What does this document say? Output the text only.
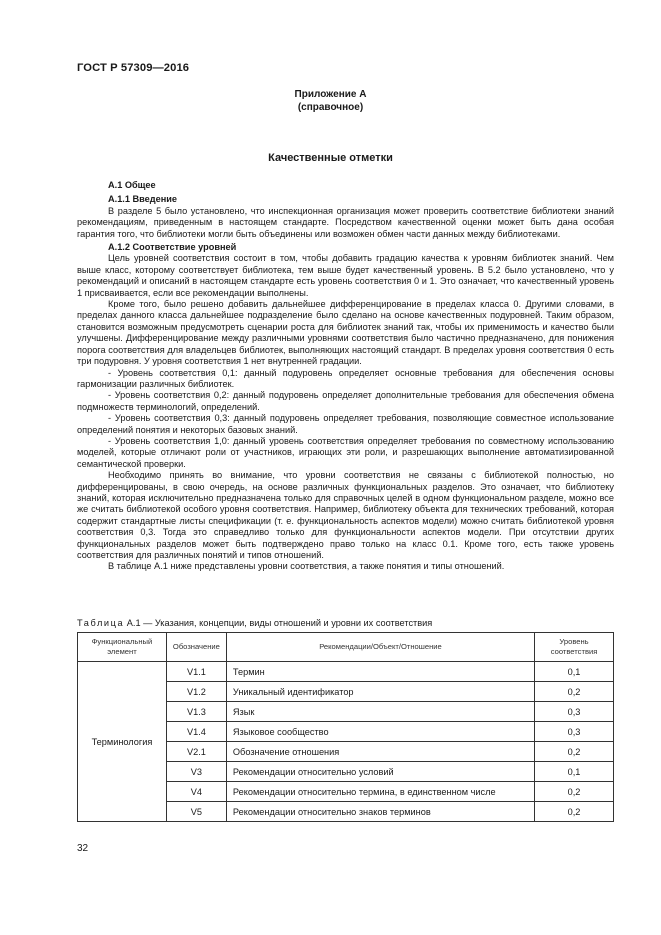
ГОСТ Р 57309—2016
Приложение А
(справочное)
Качественные отметки
А.1 Общее
А.1.1 Введение
В разделе 5 было установлено, что инспекционная организация может проверить соответствие библиотеки знаний рекомендациям, приведенным в настоящем стандарте. Посредством качественной оценки может быть дана особая гарантия того, что библиотеки могли быть объединены или возможен обмен части данных между библиотеками.
А.1.2 Соответствие уровней
Цель уровней соответствия состоит в том, чтобы добавить градацию качества к уровням библиотек знаний. Чем выше класс, которому соответствует библиотека, тем выше будет качественный уровень. В 5.2 было установлено, что у рекомендаций и описаний в настоящем стандарте есть уровень соответствия 0 и 1. Это означает, что качественный уровень 1 присваивается, если все рекомендации выполнены.
Кроме того, было решено добавить дальнейшее дифференцирование в пределах класса 0. Другими словами, в пределах данного класса дальнейшее подразделение было сделано на основе качественных подуровней. Таким образом, становится возможным предусмотреть сценарии роста для библиотек знаний так, чтобы их применимость и качество были улучшены. Дифференцирование между различными уровнями соответствия было частично предназначено, для понижения порога соответствия для владельцев библиотек, выполняющих настоящий стандарт. В пределах уровня соответствия 0 есть три подуровня. У уровня соответствия 1 нет внутренней градации.
- Уровень соответствия 0,1: данный подуровень определяет основные требования для обеспечения основы гармонизации различных библиотек.
- Уровень соответствия 0,2: данный подуровень определяет дополнительные требования для обеспечения обмена подмножеств терминологий, определений.
- Уровень соответствия 0,3: данный подуровень определяет требования, позволяющие совместное использование определений понятия и некоторых базовых знаний.
- Уровень соответствия 1,0: данный уровень соответствия определяет требования по совместному использованию моделей, которые отличают роли от участников, играющих эти роли, и разрешающих выполнение автоматизированной семантической проверки.
Необходимо принять во внимание, что уровни соответствия не связаны с библиотекой полностью, но дифференцированы, в свою очередь, на основе различных функциональных разделов. Это означает, что библиотеку знаний, которая исключительно предназначена только для справочных целей в одном функциональном разделе, можно все же считать библиотекой особого уровня соответствия. Например, библиотеку объекта для технических требований, которая содержит стандартные листы спецификации (т. е. функциональность аспектов модели) можно считать библиотекой уровня соответствия 0,3. Тогда это справедливо только для функциональности аспектов модели. При отсутствии других функциональных разделов может быть подтверждено право только на класс 0.1. Кроме того, есть также уровень соответствия для различных понятий и типов отношений.
В таблице А.1 ниже представлены уровни соответствия, а также понятия и типы отношений.
Таблица А.1 — Указания, концепции, виды отношений и уровни их соответствия
Функциональный элемент	Обозначение	Рекомендации/Объект/Отношение	Уровень соответствия
Терминология	V1.1	Термин	0,1
	V1.2	Уникальный идентификатор	0,2
	V1.3	Язык	0,3
	V1.4	Языковое сообщество	0,3
	V2.1	Обозначение отношения	0,2
	V3	Рекомендации относительно условий	0,1
	V4	Рекомендации относительно термина, в единственном числе	0,2
	V5	Рекомендации относительно знаков терминов	0,2
32
